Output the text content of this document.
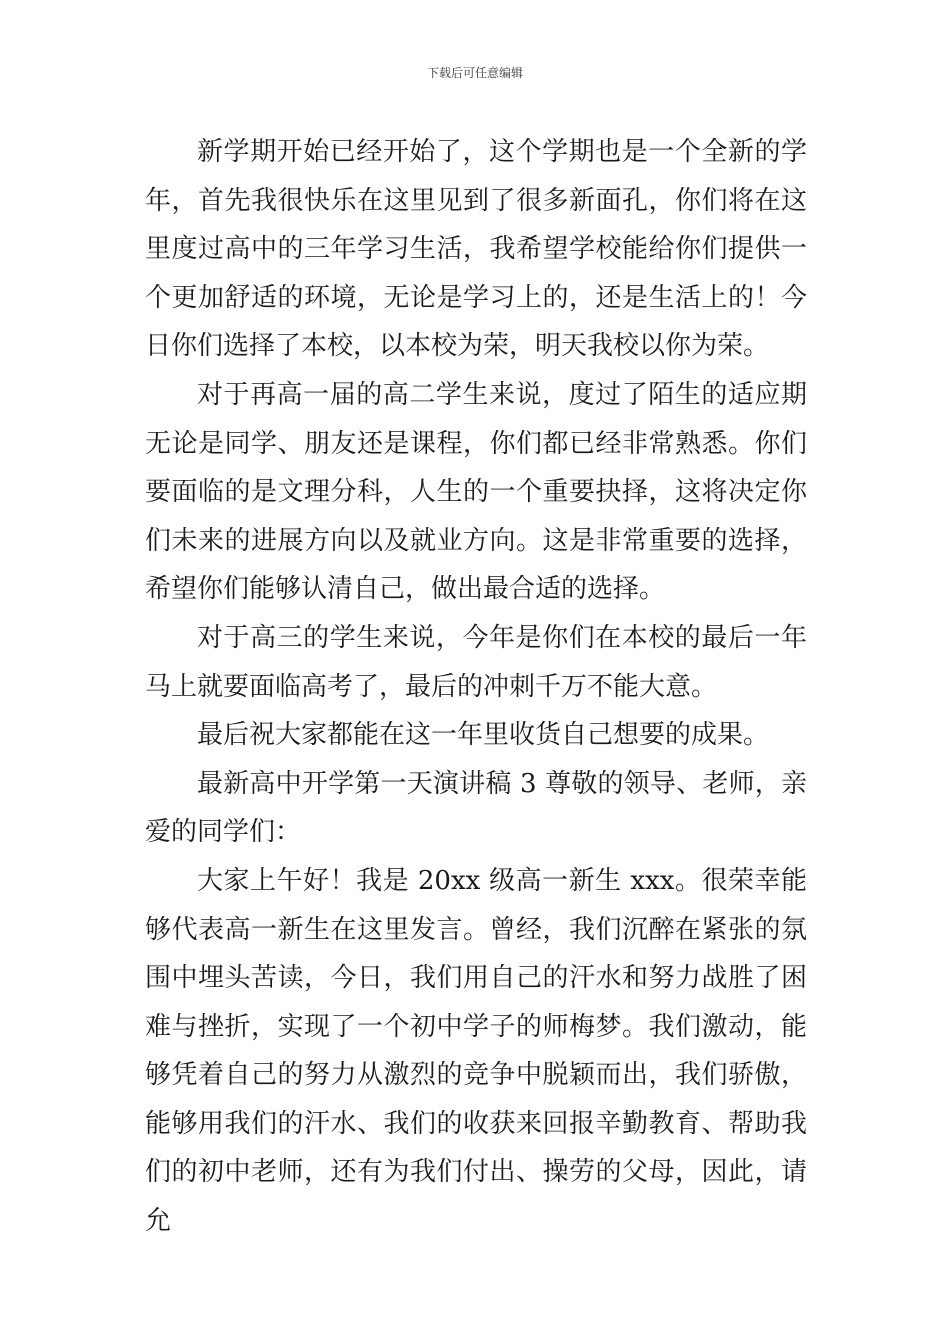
下载后可任意编辑

新学期开始已经开始了，这个学期也是一个全新的学年，首先我很快乐在这里见到了很多新面孔，你们将在这里度过高中的三年学习生活，我希望学校能给你们提供一个更加舒适的环境，无论是学习上的，还是生活上的！今日你们选择了本校，以本校为荣，明天我校以你为荣。

对于再高一届的高二学生来说，度过了陌生的适应期无论是同学、朋友还是课程，你们都已经非常熟悉。你们要面临的是文理分科，人生的一个重要抉择，这将决定你们未来的进展方向以及就业方向。这是非常重要的选择，希望你们能够认清自己，做出最合适的选择。

对于高三的学生来说，今年是你们在本校的最后一年马上就要面临高考了，最后的冲刺千万不能大意。

最后祝大家都能在这一年里收货自己想要的成果。

最新高中开学第一天演讲稿 3 尊敬的领导、老师，亲爱的同学们：

大家上午好！我是 20xx 级高一新生 xxx。很荣幸能够代表高一新生在这里发言。曾经，我们沉醉在紧张的氛围中埋头苦读，今日，我们用自己的汗水和努力战胜了困难与挫折，实现了一个初中学子的师梅梦。我们激动，能够凭着自己的努力从激烈的竞争中脱颖而出，我们骄傲，能够用我们的汗水、我们的收获来回报辛勤教育、帮助我们的初中老师，还有为我们付出、操劳的父母，因此，请允
